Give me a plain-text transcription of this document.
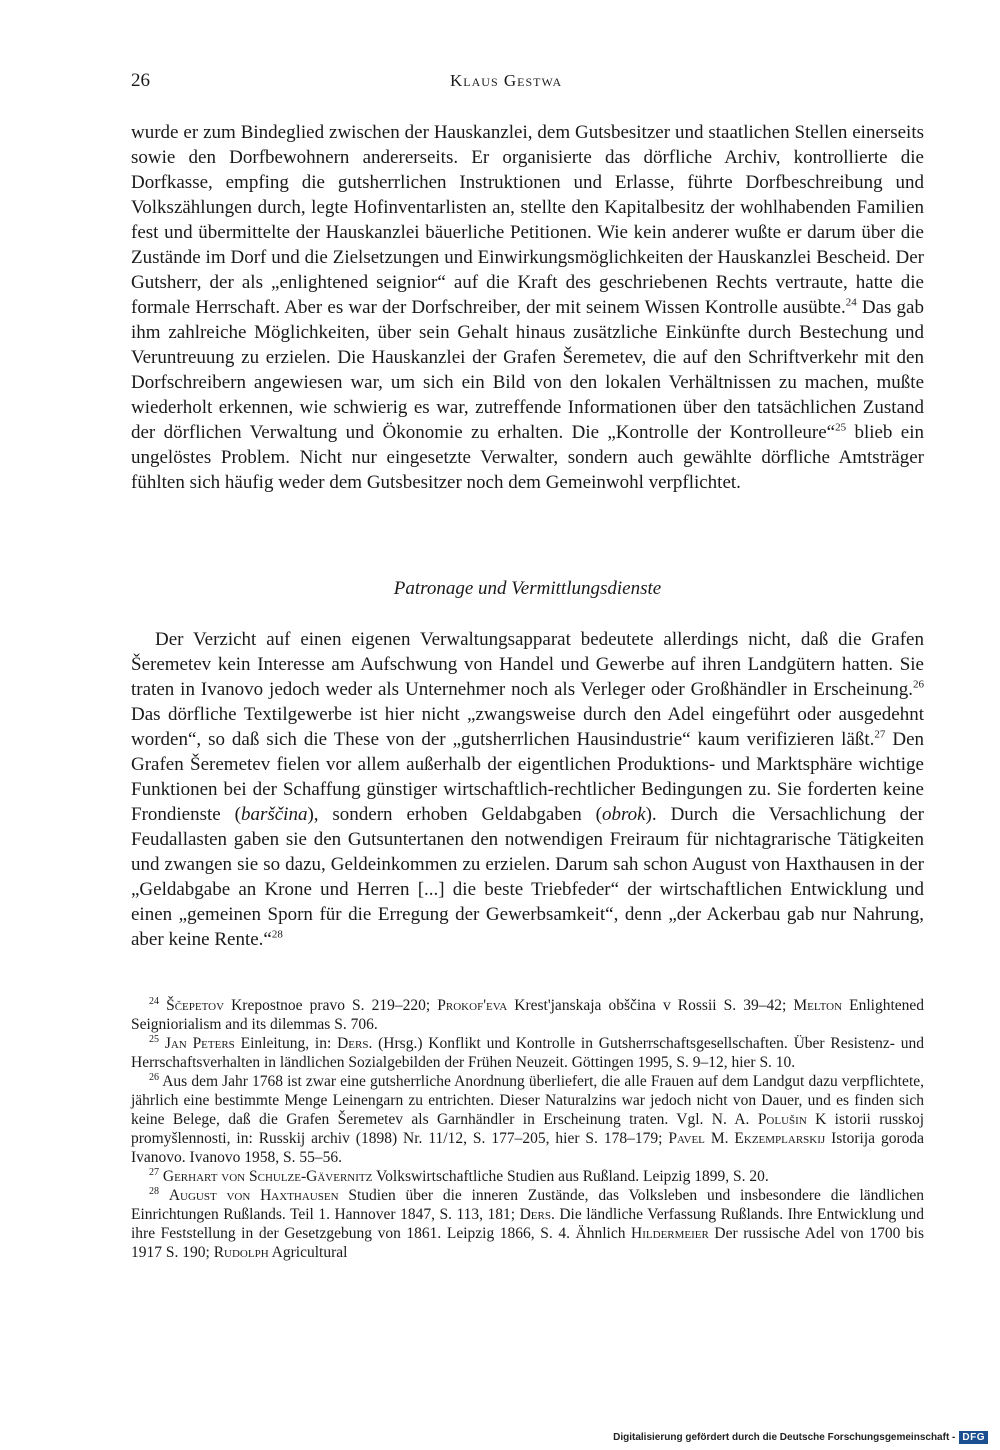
26	Klaus Gestwa

wurde er zum Bindeglied zwischen der Hauskanzlei, dem Gutsbesitzer und staatlichen Stellen einerseits sowie den Dorfbewohnern andererseits. Er organisierte das dörfliche Archiv, kontrollierte die Dorfkasse, empfing die gutsherrlichen Instruktionen und Erlasse, führte Dorfbeschreibung und Volkszählungen durch, legte Hofinventarlisten an, stellte den Kapitalbesitz der wohlhabenden Familien fest und übermittelte der Hauskanzlei bäuerliche Petitionen. Wie kein anderer wußte er darum über die Zustände im Dorf und die Zielsetzungen und Einwirkungsmöglichkeiten der Hauskanzlei Bescheid. Der Gutsherr, der als „enlightened seignior“ auf die Kraft des geschriebenen Rechts vertraute, hatte die formale Herrschaft. Aber es war der Dorfschreiber, der mit seinem Wissen Kontrolle ausübte.$^{24}$ Das gab ihm zahlreiche Möglichkeiten, über sein Gehalt hinaus zusätzliche Einkünfte durch Bestechung und Veruntreuung zu erzielen. Die Hauskanzlei der Grafen Šeremetev, die auf den Schriftverkehr mit den Dorfschreibern angewiesen war, um sich ein Bild von den lokalen Verhältnissen zu machen, mußte wiederholt erkennen, wie schwierig es war, zutreffende Informationen über den tatsächlichen Zustand der dörflichen Verwaltung und Ökonomie zu erhalten. Die „Kontrolle der Kontrolleure“$^{25}$ blieb ein ungelöstes Problem. Nicht nur eingesetzte Verwalter, sondern auch gewählte dörfliche Amtsträger fühlten sich häufig weder dem Gutsbesitzer noch dem Gemeinwohl verpflichtet.

Patronage und Vermittlungsdienste

Der Verzicht auf einen eigenen Verwaltungsapparat bedeutete allerdings nicht, daß die Grafen Šeremetev kein Interesse am Aufschwung von Handel und Gewerbe auf ihren Landgütern hatten. Sie traten in Ivanovo jedoch weder als Unternehmer noch als Verleger oder Großhändler in Erscheinung.$^{26}$ Das dörfliche Textilgewerbe ist hier nicht „zwangsweise durch den Adel eingeführt oder ausgedehnt worden“, so daß sich die These von der „gutsherrlichen Hausindustrie“ kaum verifizieren läßt.$^{27}$ Den Grafen Šeremetev fielen vor allem außerhalb der eigentlichen Produktions- und Marktsphäre wichtige Funktionen bei der Schaffung günstiger wirtschaftlich-rechtlicher Bedingungen zu. Sie forderten keine Frondienste (barščina), sondern erhoben Geldabgaben (obrok). Durch die Versachlichung der Feudallasten gaben sie den Gutsuntertanen den notwendigen Freiraum für nichtagrarische Tätigkeiten und zwangen sie so dazu, Geldeinkommen zu erzielen. Darum sah schon August von Haxthausen in der „Geldabgabe an Krone und Herren [...] die beste Triebfeder“ der wirtschaftlichen Entwicklung und einen „gemeinen Sporn für die Erregung der Gewerbsamkeit“, denn „der Ackerbau gab nur Nahrung, aber keine Rente.“$^{28}$

$^{24}$ Ščepetov Krepostnoe pravo S. 219–220; Prokof'eva Krest'janskaja obščina v Rossii S. 39–42; Melton Enlightened Seigniorialism and its dilemmas S. 706.

$^{25}$ Jan Peters Einleitung, in: Ders. (Hrsg.) Konflikt und Kontrolle in Gutsherrschaftsgesellschaften. Über Resistenz- und Herrschaftsverhalten in ländlichen Sozialgebilden der Frühen Neuzeit. Göttingen 1995, S. 9–12, hier S. 10.

$^{26}$ Aus dem Jahr 1768 ist zwar eine gutsherrliche Anordnung überliefert, die alle Frauen auf dem Landgut dazu verpflichtete, jährlich eine bestimmte Menge Leinengarn zu entrichten. Dieser Naturalzins war jedoch nicht von Dauer, und es finden sich keine Belege, daß die Grafen Šeremetev als Garnhändler in Erscheinung traten. Vgl. N. A. Polušin K istorii russkoj promyšlennosti, in: Russkij archiv (1898) Nr. 11/12, S. 177–205, hier S. 178–179; Pavel M. Ekzemplarskij Istorija goroda Ivanovo. Ivanovo 1958, S. 55–56.

$^{27}$ Gerhart von Schulze-Gävernitz Volkswirtschaftliche Studien aus Rußland. Leipzig 1899, S. 20.

$^{28}$ August von Haxthausen Studien über die inneren Zustände, das Volksleben und insbesondere die ländlichen Einrichtungen Rußlands. Teil 1. Hannover 1847, S. 113, 181; Ders. Die ländliche Verfassung Rußlands. Ihre Entwicklung und ihre Feststellung in der Gesetzgebung von 1861. Leipzig 1866, S. 4. Ähnlich Hildermeier Der russische Adel von 1700 bis 1917 S. 190; Rudolph Agricultural

Digitalisierung gefördert durch die Deutsche Forschungsgemeinschaft - DFG
